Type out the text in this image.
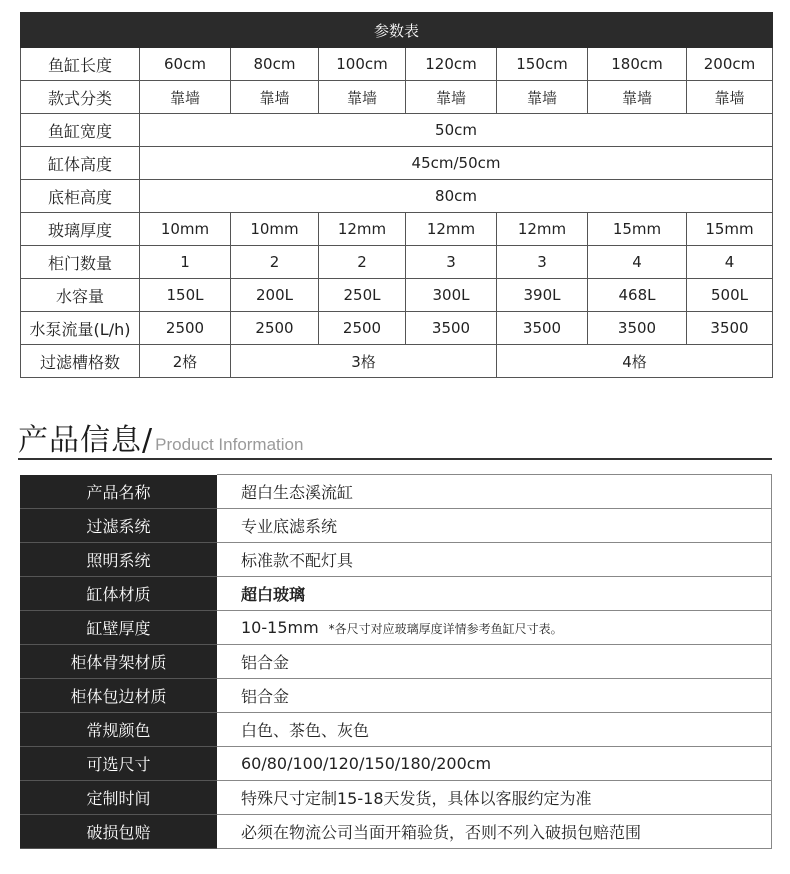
参数表							
鱼缸长度	60cm	80cm	100cm	120cm	150cm	180cm	200cm
款式分类	靠墙	靠墙	靠墙	靠墙	靠墙	靠墙	靠墙
鱼缸宽度	50cm						
缸体高度	45cm/50cm						
底柜高度	80cm						
玻璃厚度	10mm	10mm	12mm	12mm	12mm	15mm	15mm
柜门数量	1	2	2	3	3	4	4
水容量	150L	200L	250L	300L	390L	468L	500L
水泵流量(L/h)	2500	2500	2500	3500	3500	3500	3500
过滤槽格数	2格	3格			4格		
产品信息/ Product Information
产品名称	超白生态溪流缸
过滤系统	专业底滤系统
照明系统	标准款不配灯具
缸体材质	超白玻璃
缸壁厚度	10-15mm *各尺寸对应玻璃厚度详情参考鱼缸尺寸表。
柜体骨架材质	铝合金
柜体包边材质	铝合金
常规颜色	白色、茶色、灰色
可选尺寸	60/80/100/120/150/180/200cm
定制时间	特殊尺寸定制15-18天发货，具体以客服约定为准
破损包赔	必须在物流公司当面开箱验货，否则不列入破损包赔范围
